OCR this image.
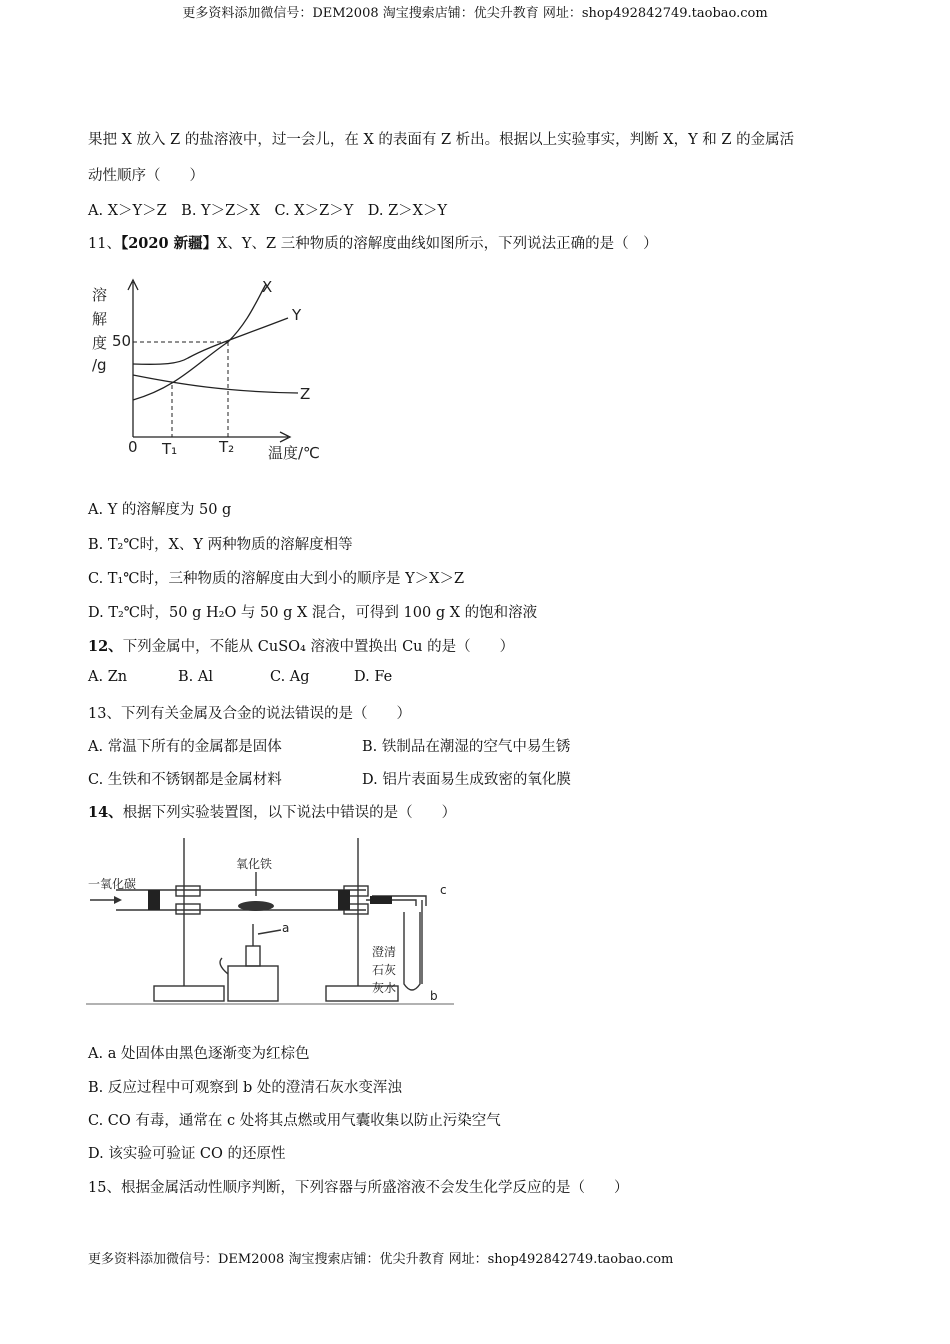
更多资料添加微信号：DEM2008 淘宝搜索店铺：优尖升教育 网址：shop492842749.taobao.com
果把 X 放入 Z 的盐溶液中，过一会儿，在 X 的表面有 Z 析出。根据以上实验事实，判断 X，Y 和 Z 的金属活
动性顺序（　　）
A. X＞Y＞Z　B. Y＞Z＞X　C. X＞Z＞Y　D. Z＞X＞Y
11、【2020 新疆】X、Y、Z 三种物质的溶解度曲线如图所示，下列说法正确的是（　）
溶
解
度
/g
50
0 T₁	T₂ 温度/℃
X
Y
Z
A. Y 的溶解度为 50 g
B. T₂℃时，X、Y 两种物质的溶解度相等
C. T₁℃时，三种物质的溶解度由大到小的顺序是 Y＞X＞Z
D. T₂℃时，50 g H₂O 与 50 g X 混合，可得到 100 g X 的饱和溶液
12、下列金属中，不能从 CuSO₄ 溶液中置换出 Cu 的是（　　）
A. Zn	B. Al	C. Ag	D. Fe
13、下列有关金属及合金的说法错误的是（　　）
A. 常温下所有的金属都是固体	B. 铁制品在潮湿的空气中易生锈
C. 生铁和不锈钢都是金属材料	D. 铝片表面易生成致密的氧化膜
14、根据下列实验装置图，以下说法中错误的是（　　）
一氧化碳
氧化铁
a
b
c
澄清
石灰
灰水
A. a 处固体由黑色逐渐变为红棕色
B. 反应过程中可观察到 b 处的澄清石灰水变浑浊
C. CO 有毒，通常在 c 处将其点燃或用气囊收集以防止污染空气
D. 该实验可验证 CO 的还原性
15、根据金属活动性顺序判断，下列容器与所盛溶液不会发生化学反应的是（　　）
更多资料添加微信号：DEM2008 淘宝搜索店铺：优尖升教育 网址：shop492842749.taobao.com
